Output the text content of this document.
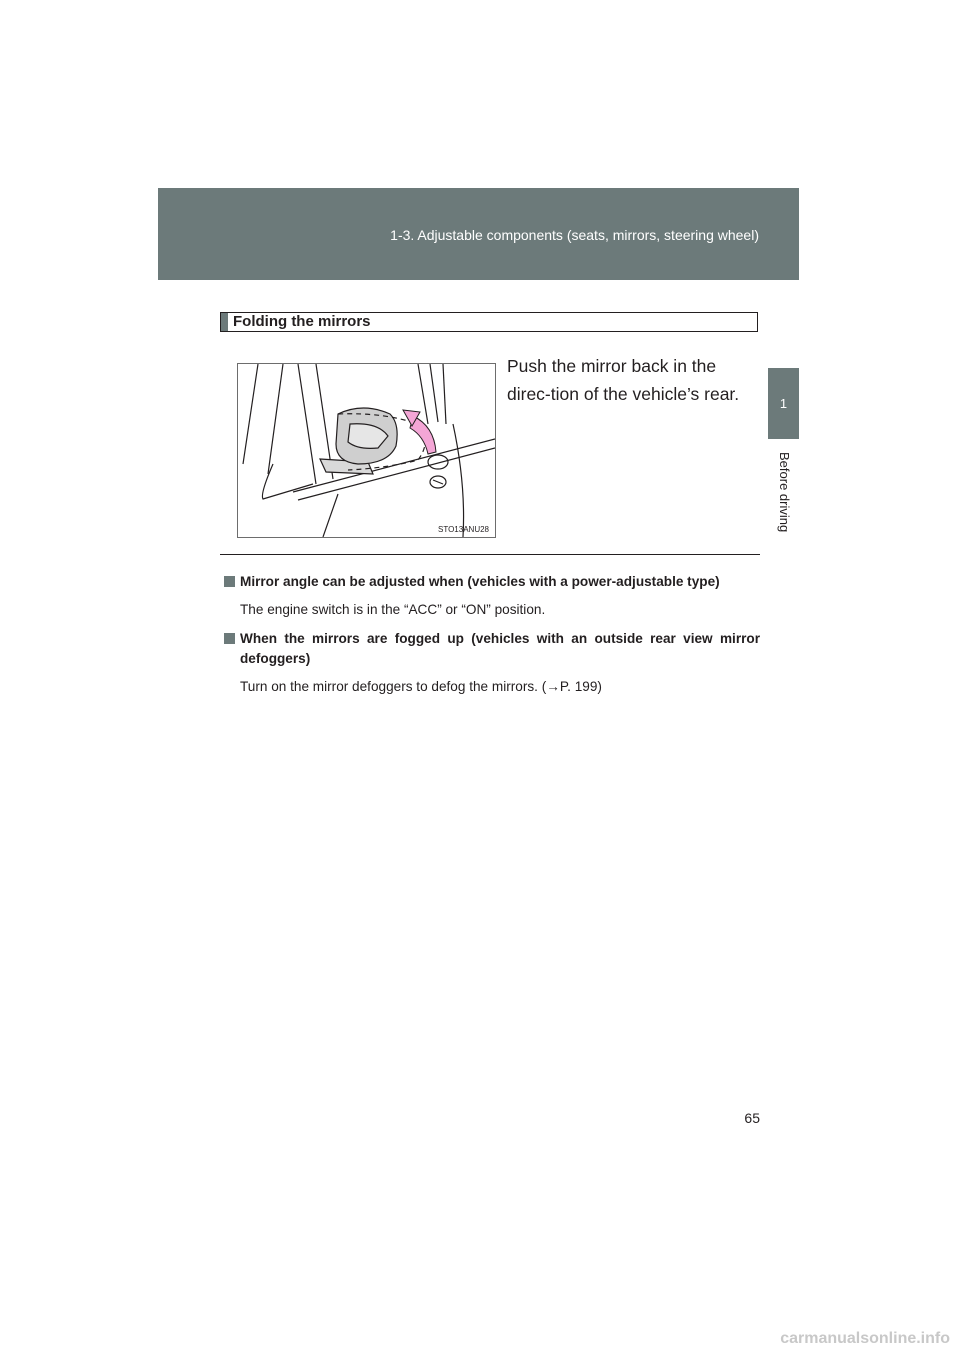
1-3. Adjustable components (seats, mirrors, steering wheel)
1
Before driving
Folding the mirrors
STO13ANU28
Push the mirror back in the direc-tion of the vehicle’s rear.
Mirror angle can be adjusted when (vehicles with a power-adjustable type)
The engine switch is in the “ACC” or “ON” position.
When the mirrors are fogged up (vehicles with an outside rear view mirror defoggers)
Turn on the mirror defoggers to defog the mirrors. (→P. 199)
65
carmanualsonline.info
